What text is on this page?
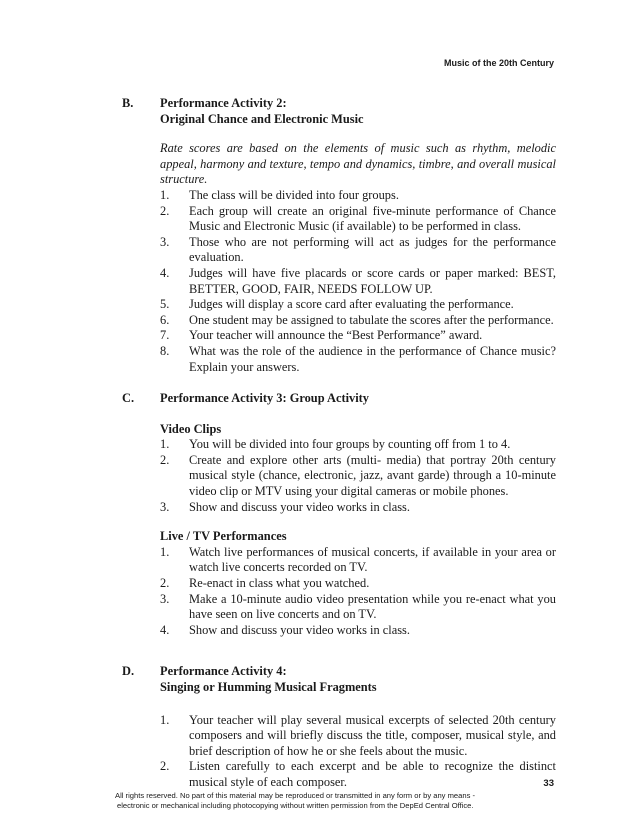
Music of the 20th Century
B. Performance Activity 2:
Original Chance and Electronic Music
Rate scores are based on the elements of music such as rhythm, melodic appeal, harmony and texture, tempo and dynamics, timbre, and overall musical structure.
1. The class will be divided into four groups.
2. Each group will create an original five-minute performance of Chance Music and Electronic Music (if available) to be performed in class.
3. Those who are not performing will act as judges for the performance evaluation.
4. Judges will have five placards or score cards or paper marked: BEST, BETTER, GOOD, FAIR, NEEDS FOLLOW UP.
5. Judges will display a score card after evaluating the performance.
6. One student may be assigned to tabulate the scores after the performance.
7. Your teacher will announce the “Best Performance” award.
8. What was the role of the audience in the performance of Chance music? Explain your answers.
C. Performance Activity 3: Group Activity
Video Clips
1. You will be divided into four groups by counting off from 1 to 4.
2. Create and explore other arts (multi- media) that portray 20th century musical style (chance, electronic, jazz, avant garde) through a 10-minute video clip or MTV using your digital cameras or mobile phones.
3. Show and discuss your video works in class.
Live / TV Performances
1. Watch live performances of musical concerts, if available in your area or watch live concerts recorded on TV.
2. Re-enact in class what you watched.
3. Make a 10-minute audio video presentation while you re-enact what you have seen on live concerts and on TV.
4. Show and discuss your video works in class.
D. Performance Activity 4:
Singing or Humming Musical Fragments
1. Your teacher will play several musical excerpts of selected 20th century composers and will briefly discuss the title, composer, musical style, and brief description of how he or she feels about the music.
2. Listen carefully to each excerpt and be able to recognize the distinct musical style of each composer.	33
All rights reserved. No part of this material may be reproduced or transmitted in any form or by any means -
electronic or mechanical including photocopying without written permission from the DepEd Central Office.
